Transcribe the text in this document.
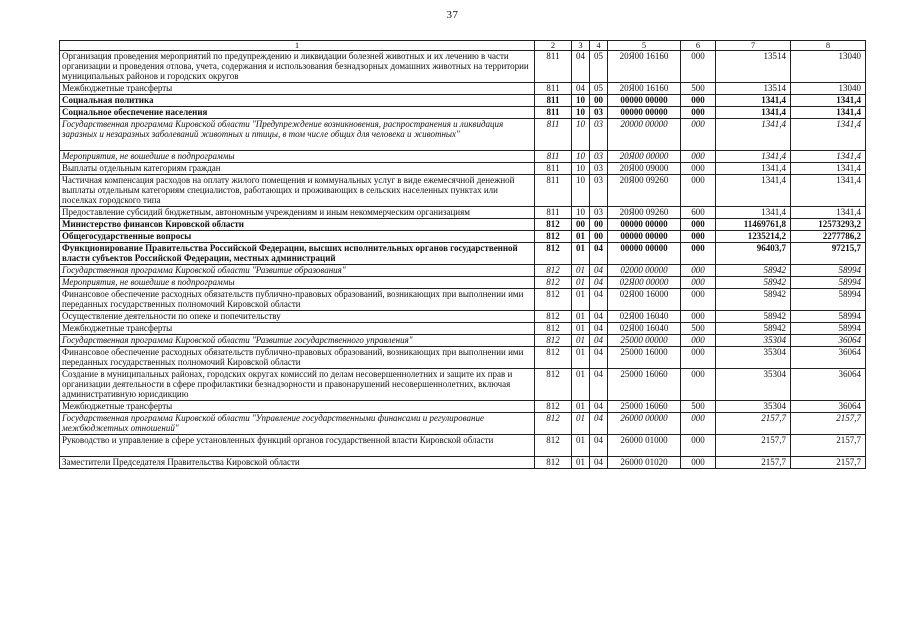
37
1	2	3	4	5	6	7	8
Организация проведения мероприятий по предупреждению и ликвидации болезней животных и их лечению в части организации и проведения отлова, учета, содержания и использования безнадзорных домашних животных на территории муниципальных районов и городских округов	811	04	05	20Я00 16160	000	13514	13040
Межбюджетные трансферты	811	04	05	20Я00 16160	500	13514	13040
Социальная политика	811	10	00	00000 00000	000	1341,4	1341,4
Социальное обеспечение населения	811	10	03	00000 00000	000	1341,4	1341,4
Государственная программа Кировской области "Предупреждение возникновения, распространения и ликвидация заразных и незаразных заболеваний животных и птицы, в том числе общих для человека и животных"	811	10	03	20000 00000	000	1341,4	1341,4
Мероприятия, не вошедшие в подпрограммы	811	10	03	20Я00 00000	000	1341,4	1341,4
Выплаты отдельным категориям граждан	811	10	03	20Я00 09000	000	1341,4	1341,4
Частичная компенсация расходов на оплату жилого помещения и коммунальных услуг в виде ежемесячной денежной выплаты отдельным категориям специалистов, работающих и проживающих в сельских населенных пунктах или поселках городского типа	811	10	03	20Я00 09260	000	1341,4	1341,4
Предоставление субсидий бюджетным, автономным учреждениям и иным некоммерческим организациям	811	10	03	20Я00 09260	600	1341,4	1341,4
Министерство финансов Кировской области	812	00	00	00000 00000	000	11469761,8	12573293,2
Общегосударственные вопросы	812	01	00	00000 00000	000	1235214,2	2277786,2
Функционирование Правительства Российской Федерации, высших исполнительных органов государственной власти субъектов Российской Федерации, местных администраций	812	01	04	00000 00000	000	96403,7	97215,7
Государственная программа Кировской области "Развитие образования"	812	01	04	02000 00000	000	58942	58994
Мероприятия, не вошедшие в подпрограммы	812	01	04	02Я00 00000	000	58942	58994
Финансовое обеспечение расходных обязательств публично-правовых образований, возникающих при выполнении ими переданных государственных полномочий Кировской области	812	01	04	02Я00 16000	000	58942	58994
Осуществление деятельности по опеке и попечительству	812	01	04	02Я00 16040	000	58942	58994
Межбюджетные трансферты	812	01	04	02Я00 16040	500	58942	58994
Государственная программа Кировской области "Развитие государственного управления"	812	01	04	25000 00000	000	35304	36064
Финансовое обеспечение расходных обязательств публично-правовых образований, возникающих при выполнении ими переданных государственных полномочий Кировской области	812	01	04	25000 16000	000	35304	36064
Создание в муниципальных районах, городских округах комиссий по делам несовершеннолетних и защите их прав и организации деятельности в сфере профилактики безнадзорности и правонарушений несовершеннолетних, включая административную юрисдикцию	812	01	04	25000 16060	000	35304	36064
Межбюджетные трансферты	812	01	04	25000 16060	500	35304	36064
Государственная программа Кировской области "Управление государственными финансами и регулирование межбюджетных отношений"	812	01	04	26000 00000	000	2157,7	2157,7
Руководство и управление в сфере установленных функций органов государственной власти Кировской области	812	01	04	26000 01000	000	2157,7	2157,7
Заместители Председателя Правительства Кировской области	812	01	04	26000 01020	000	2157,7	2157,7
